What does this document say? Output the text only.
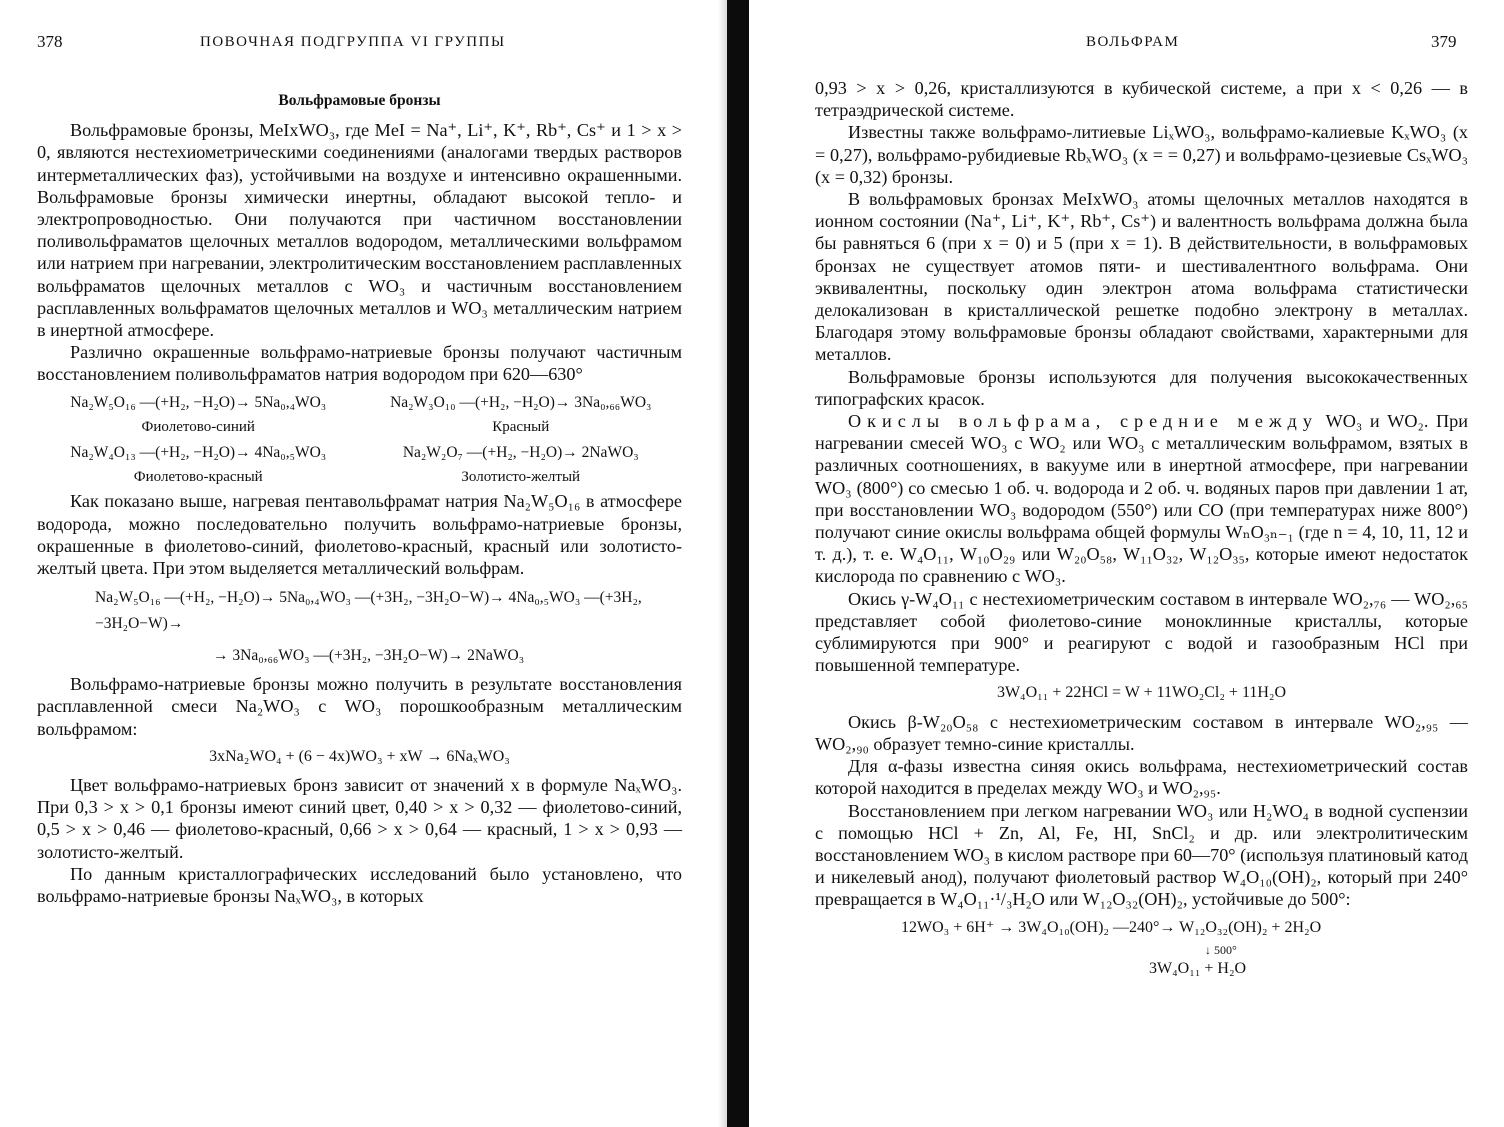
378	ПОВОЧНАЯ ПОДГРУППА VI ГРУППЫ

Вольфрамовые бронзы

Вольфрамовые бронзы, MeIxWO₃, где MeI = Na⁺, Li⁺, K⁺, Rb⁺, Cs⁺ и 1 > x > 0, являются нестехиометрическими соединениями (аналогами твердых растворов интерметаллических фаз), устойчивыми на воздухе и интенсивно окрашенными. Вольфрамовые бронзы химически инертны, обладают высокой тепло- и электропроводностью. Они получаются при частичном восстановлении поливольфраматов щелочных металлов водородом, металлическими вольфрамом или натрием при нагревании, электролитическим восстановлением расплавленных вольфраматов щелочных металлов с WO₃ и частичным восстановлением расплавленных вольфраматов щелочных металлов и WO₃ металлическим натрием в инертной атмосфере.

Различно окрашенные вольфрамо-натриевые бронзы получают частичным восстановлением поливольфраматов натрия водородом при 620—630°

Na₂W₅O₁₆ —(+H₂, −H₂O)→ 5Na₀,₄WO₃
Фиолетово-синий
Na₂W₃O₁₀ —(+H₂, −H₂O)→ 3Na₀,₆₆WO₃
Красный
Na₂W₄O₁₃ —(+H₂, −H₂O)→ 4Na₀,₅WO₃
Фиолетово-красный
Na₂W₂O₇ —(+H₂, −H₂O)→ 2NaWO₃
Золотисто-желтый

Как показано выше, нагревая пентавольфрамат натрия Na₂W₅O₁₆ в атмосфере водорода, можно последовательно получить вольфрамо-натриевые бронзы, окрашенные в фиолетово-синий, фиолетово-красный, красный или золотисто-желтый цвета. При этом выделяется металлический вольфрам.

Na₂W₅O₁₆ —(+H₂, −H₂O)→ 5Na₀,₄WO₃ —(+3H₂, −3H₂O−W)→ 4Na₀,₅WO₃ —(+3H₂, −3H₂O−W)→
→ 3Na₀,₆₆WO₃ —(+3H₂, −3H₂O−W)→ 2NaWO₃

Вольфрамо-натриевые бронзы можно получить в результате восстановления расплавленной смеси Na₂WO₃ с WO₃ порошкообразным металлическим вольфрамом:

3xNa₂WO₄ + (6 − 4x)WO₃ + xW → 6NaₓWO₃

Цвет вольфрамо-натриевых бронз зависит от значений x в формуле NaₓWO₃. При 0,3 > x > 0,1 бронзы имеют синий цвет, 0,40 > x > 0,32 — фиолетово-синий, 0,5 > x > 0,46 — фиолетово-красный, 0,66 > x > 0,64 — красный, 1 > x > 0,93 — золотисто-желтый.

По данным кристаллографических исследований было установлено, что вольфрамо-натриевые бронзы NaₓWO₃, в которых

ВОЛЬФРАМ	379

0,93 > x > 0,26, кристаллизуются в кубической системе, а при x < 0,26 — в тетраэдрической системе.

Известны также вольфрамо-литиевые LiₓWO₃, вольфрамо-калиевые KₓWO₃ (x = 0,27), вольфрамо-рубидиевые RbₓWO₃ (x = = 0,27) и вольфрамо-цезиевые CsₓWO₃ (x = 0,32) бронзы.

В вольфрамовых бронзах MeIxWO₃ атомы щелочных металлов находятся в ионном состоянии (Na⁺, Li⁺, K⁺, Rb⁺, Cs⁺) и валентность вольфрама должна была бы равняться 6 (при x = 0) и 5 (при x = 1). В действительности, в вольфрамовых бронзах не существует атомов пяти- и шестивалентного вольфрама. Они эквивалентны, поскольку один электрон атома вольфрама статистически делокализован в кристаллической решетке подобно электрону в металлах. Благодаря этому вольфрамовые бронзы обладают свойствами, характерными для металлов.

Вольфрамовые бронзы используются для получения высококачественных типографских красок.

Окислы вольфрама, средние между WO₃ и WO₂. При нагревании смесей WO₃ с WO₂ или WO₃ с металлическим вольфрамом, взятых в различных соотношениях, в вакууме или в инертной атмосфере, при нагревании WO₃ (800°) со смесью 1 об. ч. водорода и 2 об. ч. водяных паров при давлении 1 ат, при восстановлении WO₃ водородом (550°) или CO (при температурах ниже 800°) получают синие окислы вольфрама общей формулы WₙO₃ₙ₋₁ (где n = 4, 10, 11, 12 и т. д.), т. е. W₄O₁₁, W₁₀O₂₉ или W₂₀O₅₈, W₁₁O₃₂, W₁₂O₃₅, которые имеют недостаток кислорода по сравнению с WO₃.

Окись γ-W₄O₁₁ с нестехиометрическим составом в интервале WO₂,₇₆ — WO₂,₆₅ представляет собой фиолетово-синие моноклинные кристаллы, которые сублимируются при 900° и реагируют с водой и газообразным HCl при повышенной температуре.

3W₄O₁₁ + 22HCl = W + 11WO₂Cl₂ + 11H₂O

Окись β-W₂₀O₅₈ с нестехиометрическим составом в интервале WO₂,₉₅ — WO₂,₉₀ образует темно-синие кристаллы.

Для α-фазы известна синяя окись вольфрама, нестехиометрический состав которой находится в пределах между WO₃ и WO₂,₉₅.

Восстановлением при легком нагревании WO₃ или H₂WO₄ в водной суспензии с помощью HCl + Zn, Al, Fe, HI, SnCl₂ и др. или электролитическим восстановлением WO₃ в кислом растворе при 60—70° (используя платиновый катод и никелевый анод), получают фиолетовый раствор W₄O₁₀(OH)₂, который при 240° превращается в W₄O₁₁·¹/₃H₂O или W₁₂O₃₂(OH)₂, устойчивые до 500°:

12WO₃ + 6H⁺ → 3W₄O₁₀(OH)₂ —240°→ W₁₂O₃₂(OH)₂ + 2H₂O
↓ 500°
3W₄O₁₁ + H₂O
